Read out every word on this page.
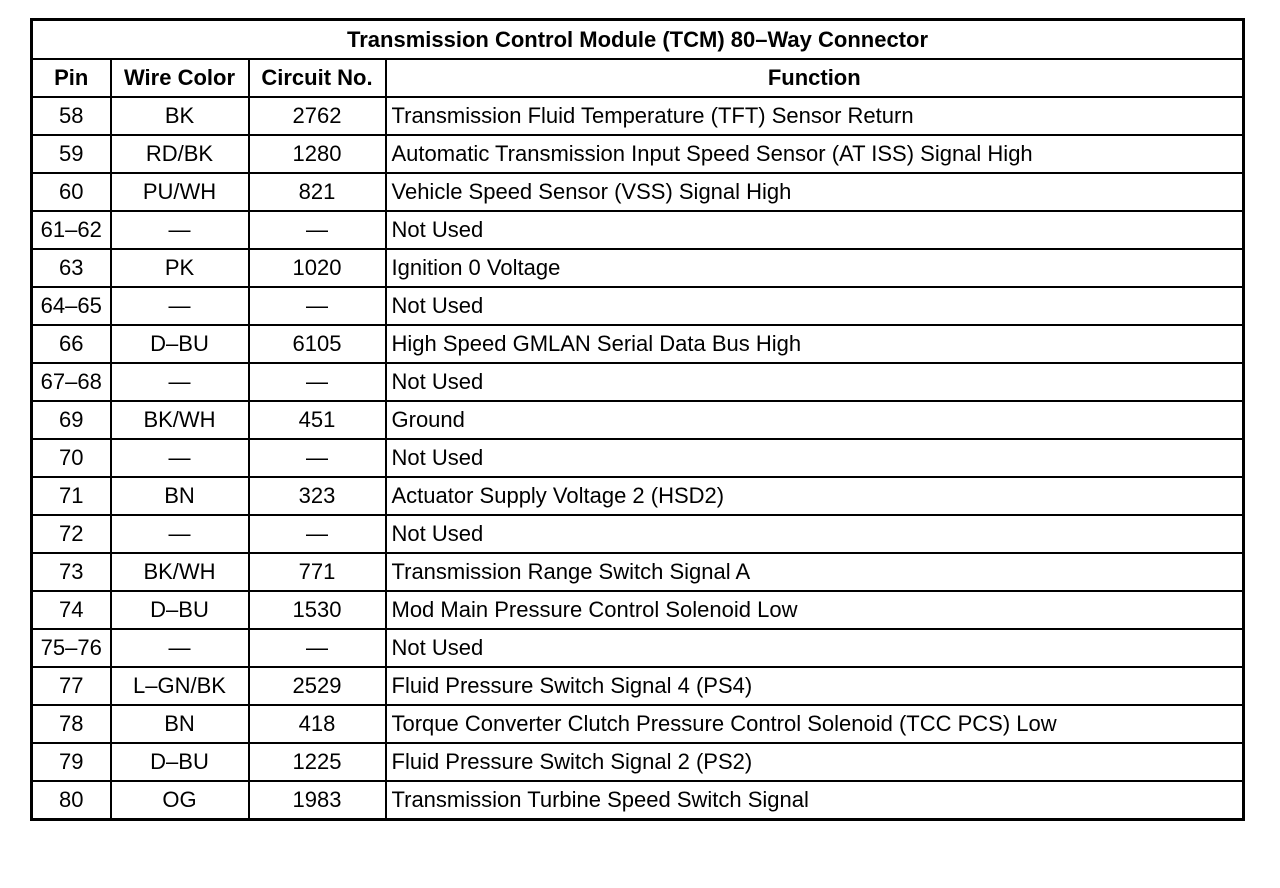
Transmission Control Module (TCM) 80–Way Connector			
Pin	Wire Color	Circuit No.	Function
58	BK	2762	Transmission Fluid Temperature (TFT) Sensor Return
59	RD/BK	1280	Automatic Transmission Input Speed Sensor (AT ISS) Signal High
60	PU/WH	821	Vehicle Speed Sensor (VSS) Signal High
61–62	—	—	Not Used
63	PK	1020	Ignition 0 Voltage
64–65	—	—	Not Used
66	D–BU	6105	High Speed GMLAN Serial Data Bus High
67–68	—	—	Not Used
69	BK/WH	451	Ground
70	—	—	Not Used
71	BN	323	Actuator Supply Voltage 2 (HSD2)
72	—	—	Not Used
73	BK/WH	771	Transmission Range Switch Signal A
74	D–BU	1530	Mod Main Pressure Control Solenoid Low
75–76	—	—	Not Used
77	L–GN/BK	2529	Fluid Pressure Switch Signal 4 (PS4)
78	BN	418	Torque Converter Clutch Pressure Control Solenoid (TCC PCS) Low
79	D–BU	1225	Fluid Pressure Switch Signal 2 (PS2)
80	OG	1983	Transmission Turbine Speed Switch Signal
